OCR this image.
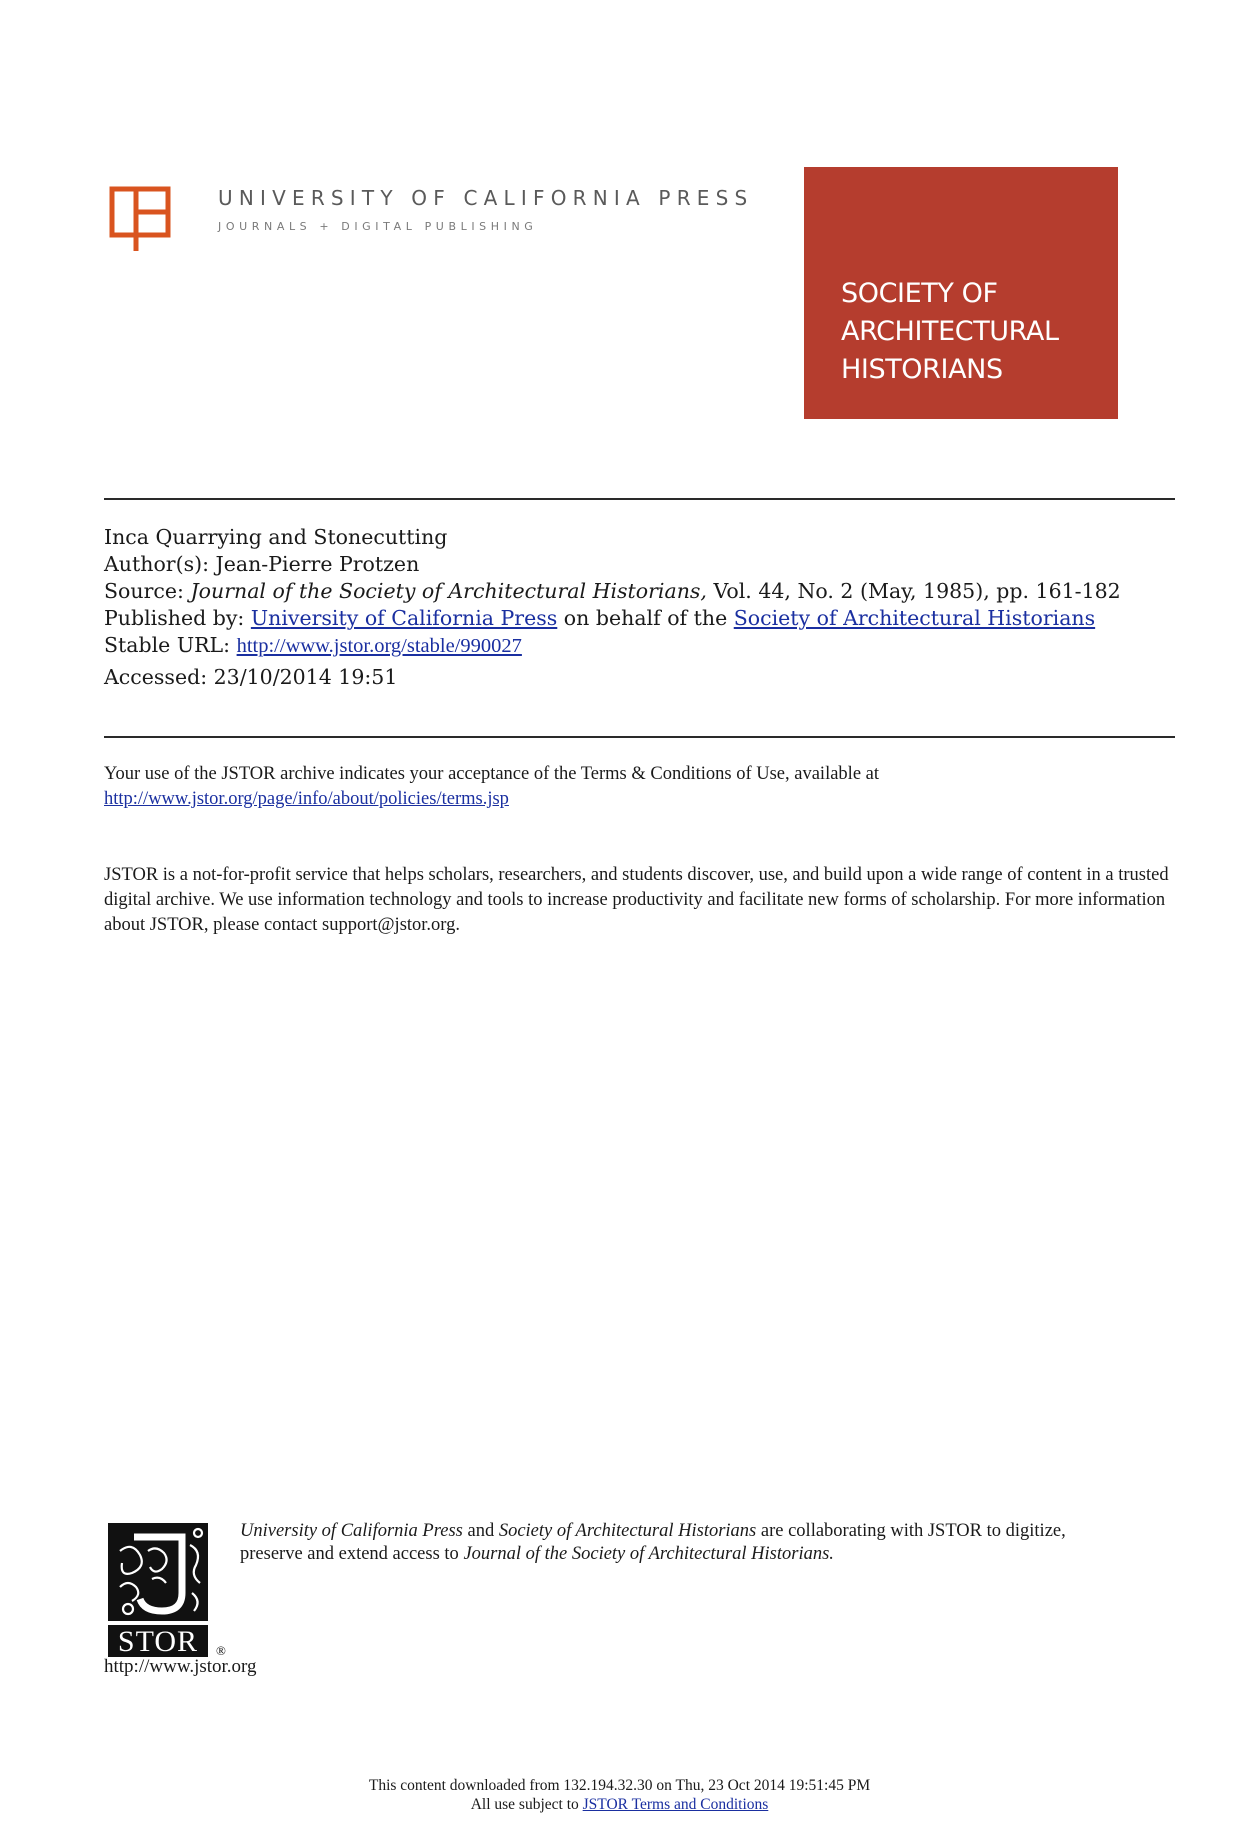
UNIVERSITY OF CALIFORNIA PRESS
JOURNALS + DIGITAL PUBLISHING
SOCIETY OF
ARCHITECTURAL
HISTORIANS
Inca Quarrying and Stonecutting
Author(s): Jean-Pierre Protzen
Source: Journal of the Society of Architectural Historians, Vol. 44, No. 2 (May, 1985), pp. 161-182
Published by: University of California Press on behalf of the Society of Architectural Historians
Stable URL: http://www.jstor.org/stable/990027
Accessed: 23/10/2014 19:51
Your use of the JSTOR archive indicates your acceptance of the Terms & Conditions of Use, available at
http://www.jstor.org/page/info/about/policies/terms.jsp
JSTOR is a not-for-profit service that helps scholars, researchers, and students discover, use, and build upon a wide range of content in a trusted digital archive. We use information technology and tools to increase productivity and facilitate new forms of scholarship. For more information about JSTOR, please contact support@jstor.org.
STOR ®
http://www.jstor.org
University of California Press and Society of Architectural Historians are collaborating with JSTOR to digitize, preserve and extend access to Journal of the Society of Architectural Historians.
This content downloaded from 132.194.32.30 on Thu, 23 Oct 2014 19:51:45 PM
All use subject to JSTOR Terms and Conditions
